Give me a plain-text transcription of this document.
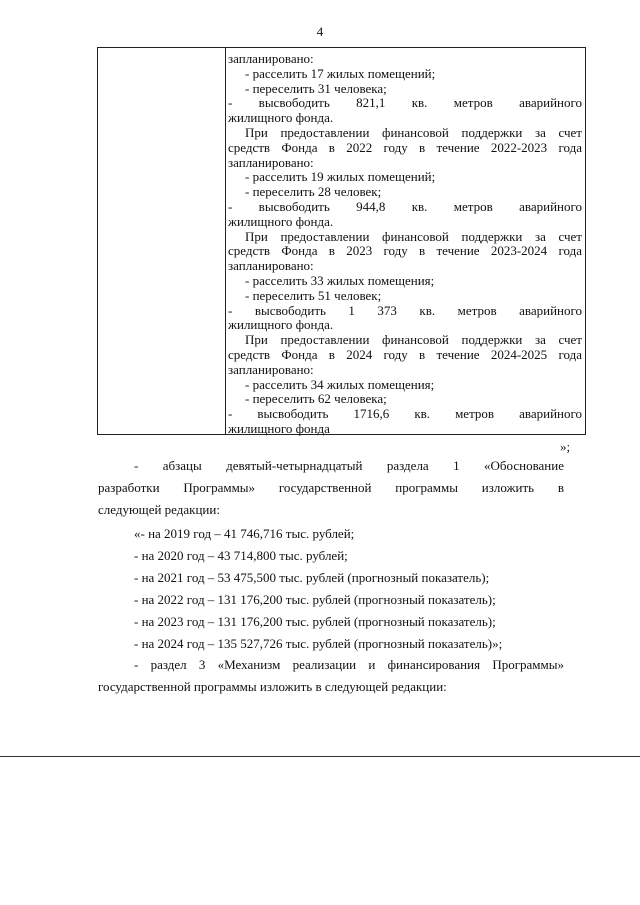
4
запланировано:
- расселить 17 жилых помещений;
- переселить 31 человека;
- высвободить 821,1 кв. метров аварийного
жилищного фонда.
При предоставлении финансовой поддержки за счет
средств Фонда в 2022 году в течение 2022-2023 года
запланировано:
- расселить 19 жилых помещений;
- переселить 28 человек;
- высвободить 944,8 кв. метров аварийного
жилищного фонда.
При предоставлении финансовой поддержки за счет
средств Фонда в 2023 году в течение 2023-2024 года
запланировано:
- расселить 33 жилых помещения;
- переселить 51 человек;
- высвободить 1 373 кв. метров аварийного
жилищного фонда.
При предоставлении финансовой поддержки за счет
средств Фонда в 2024 году в течение 2024-2025 года
запланировано:
- расселить 34 жилых помещения;
- переселить 62 человека;
- высвободить 1716,6 кв. метров аварийного
жилищного фонда
»;
- абзацы девятый-четырнадцатый раздела 1 «Обоснование
разработки Программы» государственной программы изложить в
следующей редакции:
«- на 2019 год – 41 746,716 тыс. рублей;
- на 2020 год – 43 714,800 тыс. рублей;
- на 2021 год – 53 475,500 тыс. рублей (прогнозный показатель);
- на 2022 год – 131 176,200 тыс. рублей (прогнозный показатель);
- на 2023 год – 131 176,200 тыс. рублей (прогнозный показатель);
- на 2024 год – 135 527,726 тыс. рублей (прогнозный показатель)»;
- раздел 3 «Механизм реализации и финансирования Программы»
государственной программы изложить в следующей редакции:
